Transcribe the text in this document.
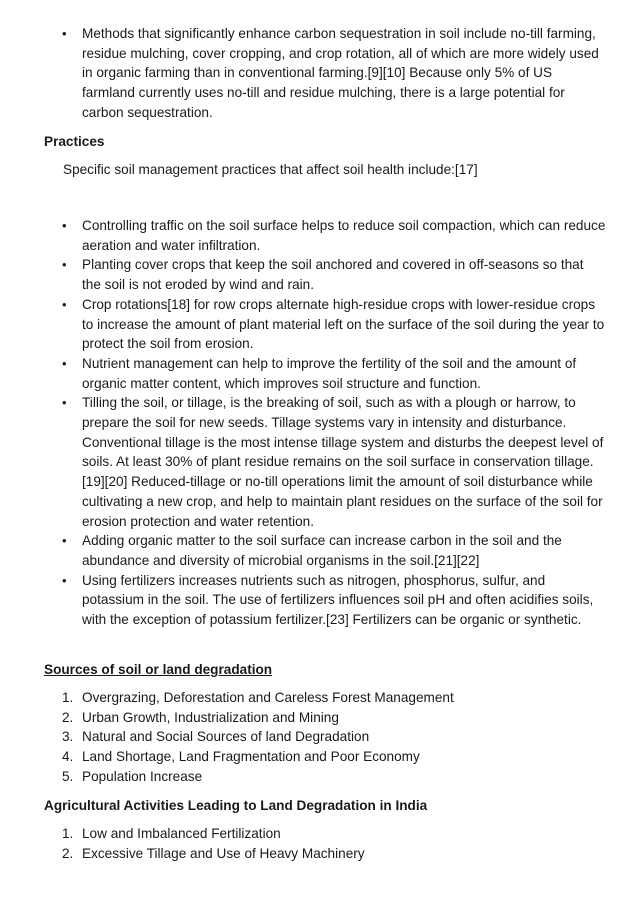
• Methods that significantly enhance carbon sequestration in soil include no-till farming, residue mulching, cover cropping, and crop rotation, all of which are more widely used in organic farming than in conventional farming.[9][10] Because only 5% of US farmland currently uses no-till and residue mulching, there is a large potential for carbon sequestration.
Practices
Specific soil management practices that affect soil health include:[17]
• Controlling traffic on the soil surface helps to reduce soil compaction, which can reduce aeration and water infiltration.
• Planting cover crops that keep the soil anchored and covered in off-seasons so that the soil is not eroded by wind and rain.
• Crop rotations[18] for row crops alternate high-residue crops with lower-residue crops to increase the amount of plant material left on the surface of the soil during the year to protect the soil from erosion.
• Nutrient management can help to improve the fertility of the soil and the amount of organic matter content, which improves soil structure and function.
• Tilling the soil, or tillage, is the breaking of soil, such as with a plough or harrow, to prepare the soil for new seeds. Tillage systems vary in intensity and disturbance. Conventional tillage is the most intense tillage system and disturbs the deepest level of soils. At least 30% of plant residue remains on the soil surface in conservation tillage.[19][20] Reduced-tillage or no-till operations limit the amount of soil disturbance while cultivating a new crop, and help to maintain plant residues on the surface of the soil for erosion protection and water retention.
• Adding organic matter to the soil surface can increase carbon in the soil and the abundance and diversity of microbial organisms in the soil.[21][22]
• Using fertilizers increases nutrients such as nitrogen, phosphorus, sulfur, and potassium in the soil. The use of fertilizers influences soil pH and often acidifies soils, with the exception of potassium fertilizer.[23] Fertilizers can be organic or synthetic.
Sources of soil or land degradation
1. Overgrazing, Deforestation and Careless Forest Management
2. Urban Growth, Industrialization and Mining
3. Natural and Social Sources of land Degradation
4. Land Shortage, Land Fragmentation and Poor Economy
5. Population Increase
Agricultural Activities Leading to Land Degradation in India
1. Low and Imbalanced Fertilization
2. Excessive Tillage and Use of Heavy Machinery
